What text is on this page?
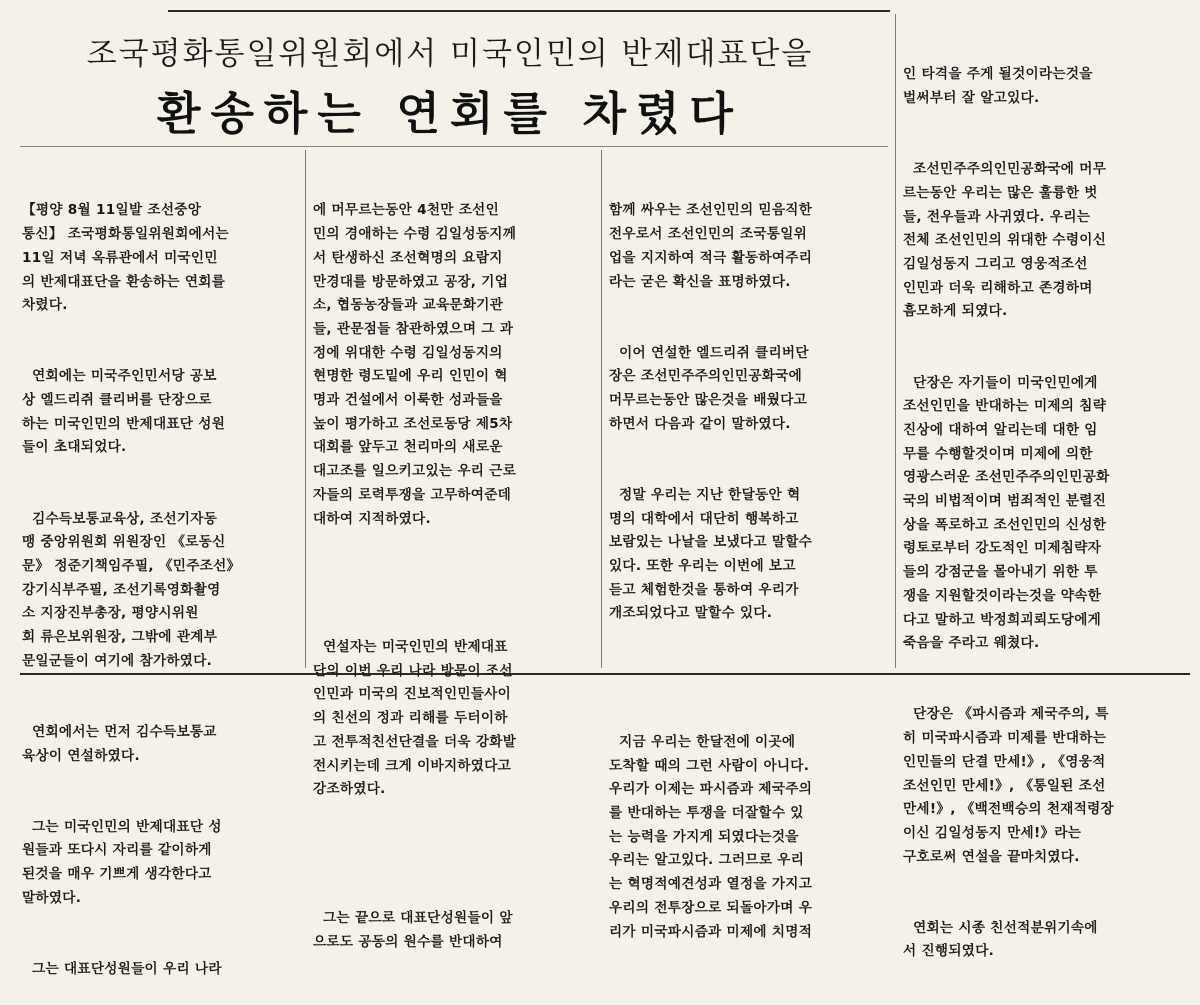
조국평화통일위원회에서 미국인민의 반제대표단을
환송하는 연회를 차렸다

【평양 8월 11일발 조선중앙
통신】 조국평화통일위원회에서는
11일 저녁 옥류관에서 미국인민
의 반제대표단을 환송하는 연회를
차렸다.

연회에는 미국주인민서당 공보
상 엘드리쥐 클리버를 단장으로
하는 미국인민의 반제대표단 성원
들이 초대되었다.

김수득보통교육상, 조선기자동
맹 중앙위원회 위원장인 《로동신
문》 정준기책임주필, 《민주조선》
강기식부주필, 조선기록영화촬영
소 지장진부총장, 평양시위원
회 류은보위원장, 그밖에 관계부
문일군들이 여기에 참가하였다.

연회에서는 먼저 김수득보통교
육상이 연설하였다.

그는 미국인민의 반제대표단 성
원들과 또다시 자리를 같이하게
된것을 매우 기쁘게 생각한다고
말하였다.

그는 대표단성원들이 우리 나라

에 머무르는동안 4천만 조선인
민의 경애하는 수령 김일성동지께
서 탄생하신 조선혁명의 요람지
만경대를 방문하였고 공장, 기업
소, 협동농장들과 교육문화기관
들, 관문점들 참관하였으며 그 과
정에 위대한 수령 김일성동지의
현명한 령도밑에 우리 인민이 혁
명과 건설에서 이룩한 성과들을
높이 평가하고 조선로동당 제5차
대회를 앞두고 천리마의 새로운
대고조를 일으키고있는 우리 근로
자들의 로력투쟁을 고무하여준데
대하여 지적하였다.

연설자는 미국인민의 반제대표
단의 이번 우리 나라 방문이 조선
인민과 미국의 진보적인민들사이
의 친선의 정과 리해를 두터이하
고 전투적친선단결을 더욱 강화발
전시키는데 크게 이바지하였다고
강조하였다.

그는 끝으로 대표단성원들이 앞
으로도 공동의 원수를 반대하여

함께 싸우는 조선인민의 믿음직한
전우로서 조선인민의 조국통일위
업을 지지하여 적극 활동하여주리
라는 굳은 확신을 표명하였다.

이어 연설한 엘드리쥐 클리버단
장은 조선민주주의인민공화국에
머무르는동안 많은것을 배웠다고
하면서 다음과 같이 말하였다.

정말 우리는 지난 한달동안 혁
명의 대학에서 대단히 행복하고
보람있는 나날을 보냈다고 말할수
있다. 또한 우리는 이번에 보고
듣고 체험한것을 통하여 우리가
개조되었다고 말할수 있다.

지금 우리는 한달전에 이곳에
도착할 때의 그런 사람이 아니다.
우리가 이제는 파시즘과 제국주의
를 반대하는 투쟁을 더잘할수 있
는 능력을 가지게 되였다는것을
우리는 알고있다. 그러므로 우리
는 혁명적예견성과 열정을 가지고
우리의 전투장으로 되돌아가며 우
리가 미국파시즘과 미제에 치명적

인 타격을 주게 될것이라는것을
벌써부터 잘 알고있다.

조선민주주의인민공화국에 머무
르는동안 우리는 많은 훌륭한 벗
들, 전우들과 사귀였다. 우리는
전체 조선인민의 위대한 수령이신
김일성동지 그리고 영웅적조선
인민과 더욱 리해하고 존경하며
흠모하게 되였다.

단장은 자기들이 미국인민에게
조선인민을 반대하는 미제의 침략
진상에 대하여 알리는데 대한 임
무를 수행할것이며 미제에 의한
영광스러운 조선민주주의인민공화
국의 비법적이며 범죄적인 분렬진
상을 폭로하고 조선인민의 신성한
령토로부터 강도적인 미제침략자
들의 강점군을 몰아내기 위한 투
쟁을 지원할것이라는것을 약속한
다고 말하고 박정희괴뢰도당에게
죽음을 주라고 웨쳤다.

단장은 《파시즘과 제국주의, 특
히 미국파시즘과 미제를 반대하는
인민들의 단결 만세!》, 《영웅적
조선인민 만세!》, 《통일된 조선
만세!》, 《백전백승의 천재적령장
이신 김일성동지 만세!》라는
구호로써 연설을 끝마치였다.

연회는 시종 친선적분위기속에
서 진행되였다.
